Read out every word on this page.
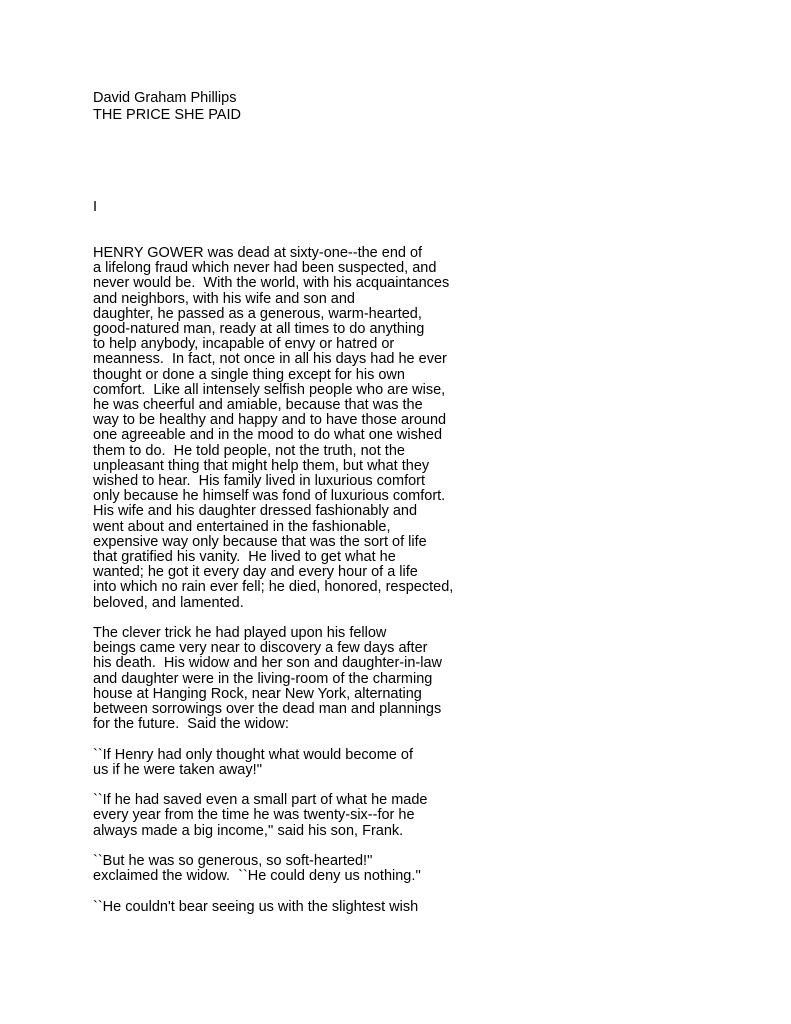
David Graham Phillips

THE PRICE SHE PAID

I

HENRY GOWER was dead at sixty-one--the end of
a lifelong fraud which never had been suspected, and
never would be.  With the world, with his acquaintances
and neighbors, with his wife and son and
daughter, he passed as a generous, warm-hearted,
good-natured man, ready at all times to do anything
to help anybody, incapable of envy or hatred or
meanness.  In fact, not once in all his days had he ever
thought or done a single thing except for his own
comfort.  Like all intensely selfish people who are wise,
he was cheerful and amiable, because that was the
way to be healthy and happy and to have those around
one agreeable and in the mood to do what one wished
them to do.  He told people, not the truth, not the
unpleasant thing that might help them, but what they
wished to hear.  His family lived in luxurious comfort
only because he himself was fond of luxurious comfort.
His wife and his daughter dressed fashionably and
went about and entertained in the fashionable,
expensive way only because that was the sort of life
that gratified his vanity.  He lived to get what he
wanted; he got it every day and every hour of a life
into which no rain ever fell; he died, honored, respected,
beloved, and lamented.

The clever trick he had played upon his fellow
beings came very near to discovery a few days after
his death.  His widow and her son and daughter-in-law
and daughter were in the living-room of the charming
house at Hanging Rock, near New York, alternating
between sorrowings over the dead man and plannings
for the future.  Said the widow:

``If Henry had only thought what would become of
us if he were taken away!''

``If he had saved even a small part of what he made
every year from the time he was twenty-six--for he
always made a big income,'' said his son, Frank.

``But he was so generous, so soft-hearted!''
exclaimed the widow.  ``He could deny us nothing.''

``He couldn't bear seeing us with the slightest wish
